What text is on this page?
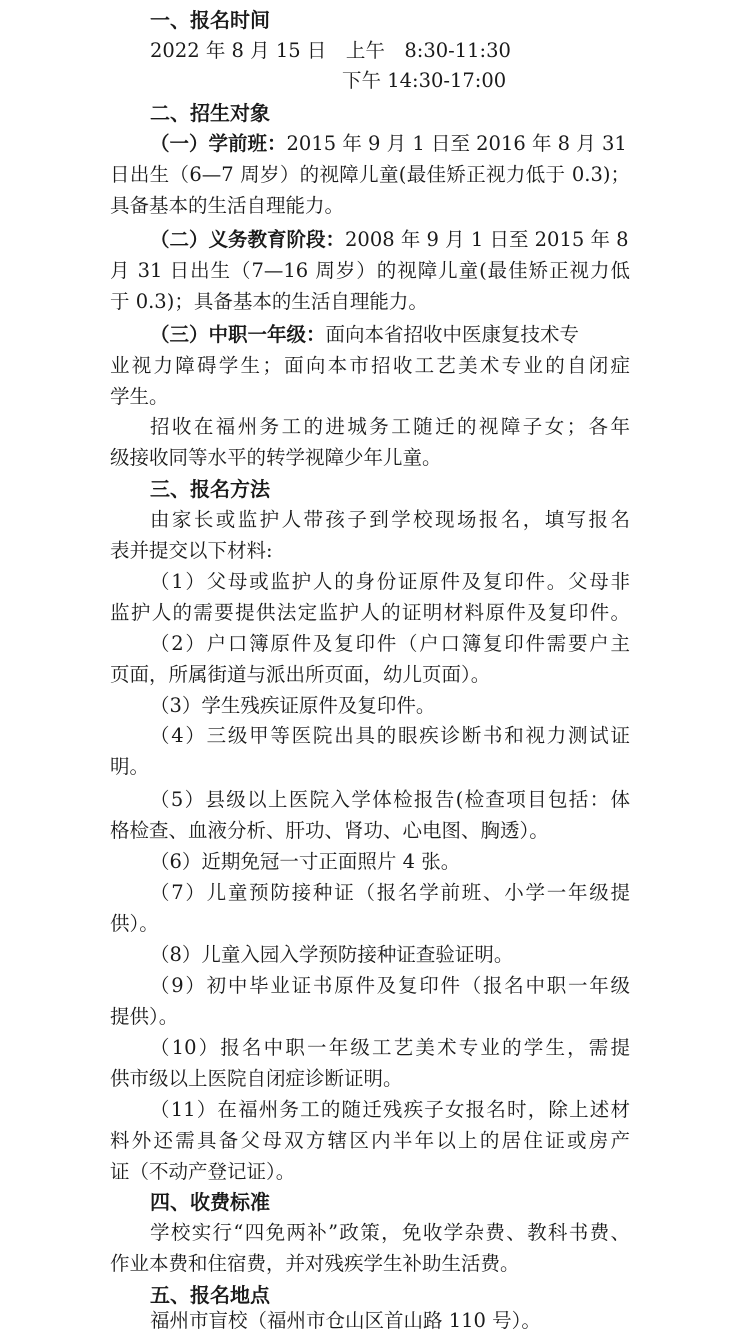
一、报名时间
2022 年 8 月 15 日　上午　8:30-11:30
下午 14:30-17:00
二、招生对象
（一）学前班：2015 年 9 月 1 日至 2016 年 8 月 31
日出生（6—7 周岁）的视障儿童(最佳矫正视力低于 0.3)；
具备基本的生活自理能力。
（二）义务教育阶段：2008 年 9 月 1 日至 2015 年 8
月 31 日出生（7—16 周岁）的视障儿童(最佳矫正视力低
于 0.3)；具备基本的生活自理能力。
（三）中职一年级：面向本省招收中医康复技术专
业视力障碍学生；面向本市招收工艺美术专业的自闭症
学生。
招收在福州务工的进城务工随迁的视障子女；各年
级接收同等水平的转学视障少年儿童。
三、报名方法
由家长或监护人带孩子到学校现场报名，填写报名
表并提交以下材料:
（1）父母或监护人的身份证原件及复印件。父母非
监护人的需要提供法定监护人的证明材料原件及复印件。
（2）户口簿原件及复印件（户口簿复印件需要户主
页面，所属街道与派出所页面，幼儿页面）。
（3）学生残疾证原件及复印件。
（4）三级甲等医院出具的眼疾诊断书和视力测试证
明。
（5）县级以上医院入学体检报告(检查项目包括：体
格检查、血液分析、肝功、肾功、心电图、胸透）。
（6）近期免冠一寸正面照片 4 张。
（7）儿童预防接种证（报名学前班、小学一年级提
供）。
（8）儿童入园入学预防接种证查验证明。
（9）初中毕业证书原件及复印件（报名中职一年级
提供）。
（10）报名中职一年级工艺美术专业的学生，需提
供市级以上医院自闭症诊断证明。
（11）在福州务工的随迁残疾子女报名时，除上述材
料外还需具备父母双方辖区内半年以上的居住证或房产
证（不动产登记证）。
四、收费标准
学校实行“四免两补”政策，免收学杂费、教科书费、
作业本费和住宿费，并对残疾学生补助生活费。
五、报名地点
福州市盲校（福州市仓山区首山路 110 号）。
